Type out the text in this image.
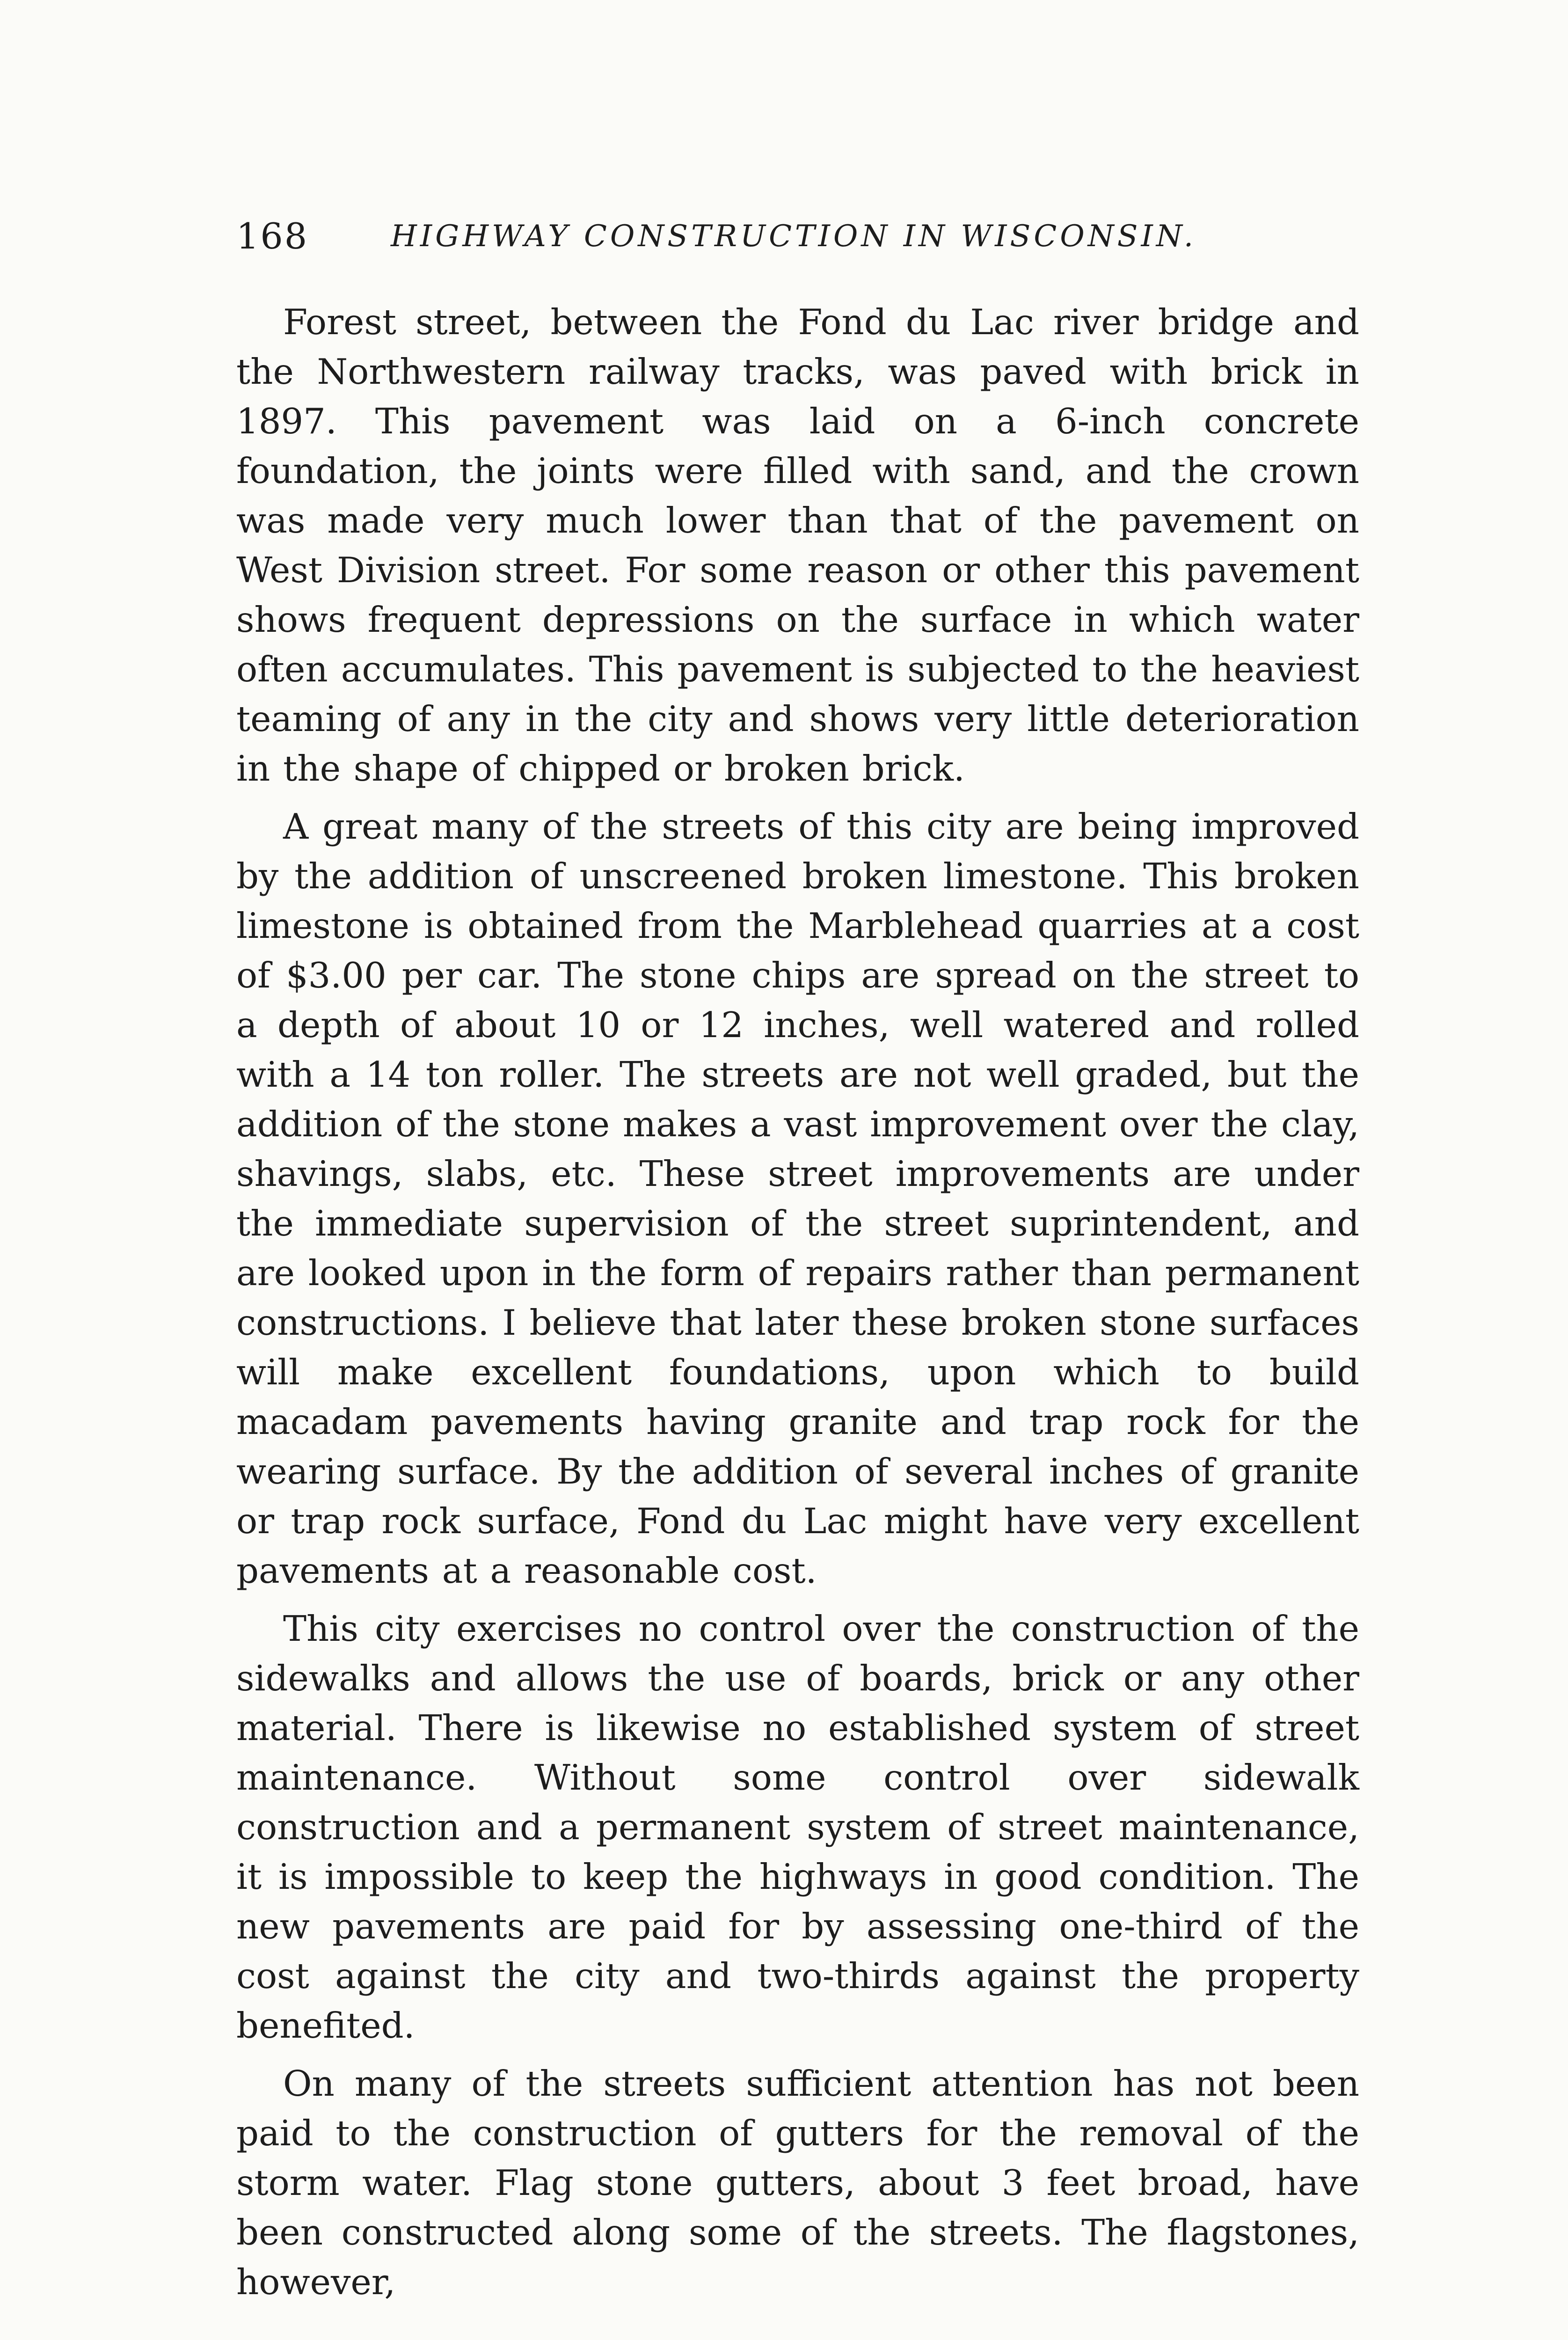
168	HIGHWAY CONSTRUCTION IN WISCONSIN.

Forest street, between the Fond du Lac river bridge and the Northwestern railway tracks, was paved with brick in 1897. This pavement was laid on a 6-inch concrete foundation, the joints were filled with sand, and the crown was made very much lower than that of the pavement on West Division street. For some reason or other this pavement shows frequent depressions on the surface in which water often accumulates. This pavement is subjected to the heaviest teaming of any in the city and shows very little deterioration in the shape of chipped or broken brick.

A great many of the streets of this city are being improved by the addition of unscreened broken limestone. This broken limestone is obtained from the Marblehead quarries at a cost of $3.00 per car. The stone chips are spread on the street to a depth of about 10 or 12 inches, well watered and rolled with a 14 ton roller. The streets are not well graded, but the addition of the stone makes a vast improvement over the clay, shavings, slabs, etc. These street improvements are under the immediate supervision of the street suprintendent, and are looked upon in the form of repairs rather than permanent constructions. I believe that later these broken stone surfaces will make excellent foundations, upon which to build macadam pavements having granite and trap rock for the wearing surface. By the addition of several inches of granite or trap rock surface, Fond du Lac might have very excellent pavements at a reasonable cost.

This city exercises no control over the construction of the sidewalks and allows the use of boards, brick or any other material. There is likewise no established system of street maintenance. Without some control over sidewalk construction and a permanent system of street maintenance, it is impossible to keep the highways in good condition. The new pavements are paid for by assessing one-third of the cost against the city and two-thirds against the property benefited.

On many of the streets sufficient attention has not been paid to the construction of gutters for the removal of the storm water. Flag stone gutters, about 3 feet broad, have been constructed along some of the streets. The flagstones, however,
